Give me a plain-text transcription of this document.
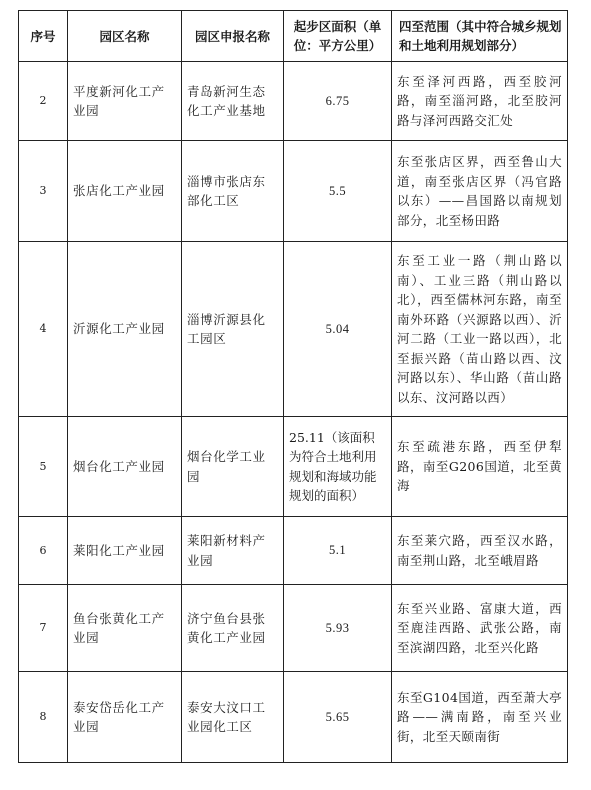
序号	园区名称	园区申报名称	起步区面积（单位：平方公里）	四至范围（其中符合城乡规划和土地利用规划部分）
2	平度新河化工产业园	青岛新河生态化工产业基地	6.75	东至泽河西路，西至胶河路，南至淄河路，北至胶河路与泽河西路交汇处
3	张店化工产业园	淄博市张店东部化工区	5.5	东至张店区界，西至鲁山大道，南至张店区界（冯官路以东）——昌国路以南规划部分，北至杨田路
4	沂源化工产业园	淄博沂源县化工园区	5.04	东至工业一路（荆山路以南）、工业三路（荆山路以北），西至儒林河东路，南至南外环路（兴源路以西）、沂河二路（工业一路以西），北至振兴路（苗山路以西、汶河路以东）、华山路（苗山路以东、汶河路以西）
5	烟台化工产业园	烟台化学工业园	25.11（该面积为符合土地利用规划和海域功能规划的面积）	东至疏港东路，西至伊犁路，南至G206国道，北至黄海
6	莱阳化工产业园	莱阳新材料产业园	5.1	东至莱穴路，西至汉水路，南至荆山路，北至峨眉路
7	鱼台张黄化工产业园	济宁鱼台县张黄化工产业园	5.93	东至兴业路、富康大道，西至鹿洼西路、武张公路，南至滨湖四路，北至兴化路
8	泰安岱岳化工产业园	泰安大汶口工业园化工区	5.65	东至G104国道，西至萧大亭路——满南路，南至兴业街，北至天颐南街
